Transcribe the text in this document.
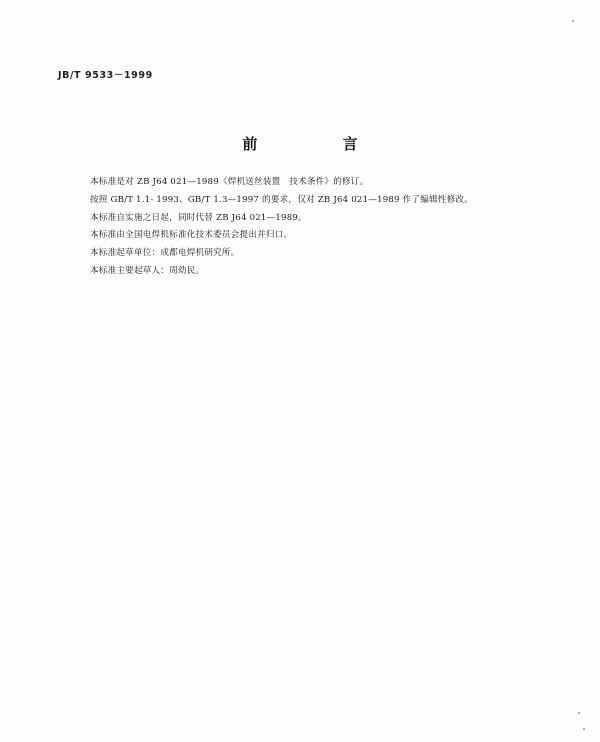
JB/T 9533－1999
前 言
本标准是对 ZB J64 021—1989《焊机送丝装置　技术条件》的修订。
按照 GB/T 1.1- 1993、GB/T 1.3—1997 的要求，仅对 ZB J64 021—1989 作了编辑性修改。
本标准自实施之日起，同时代替 ZB J64 021—1989。
本标准由全国电焊机标准化技术委员会提出并归口。
本标准起草单位：成都电焊机研究所。
本标准主要起草人：周幼民。
